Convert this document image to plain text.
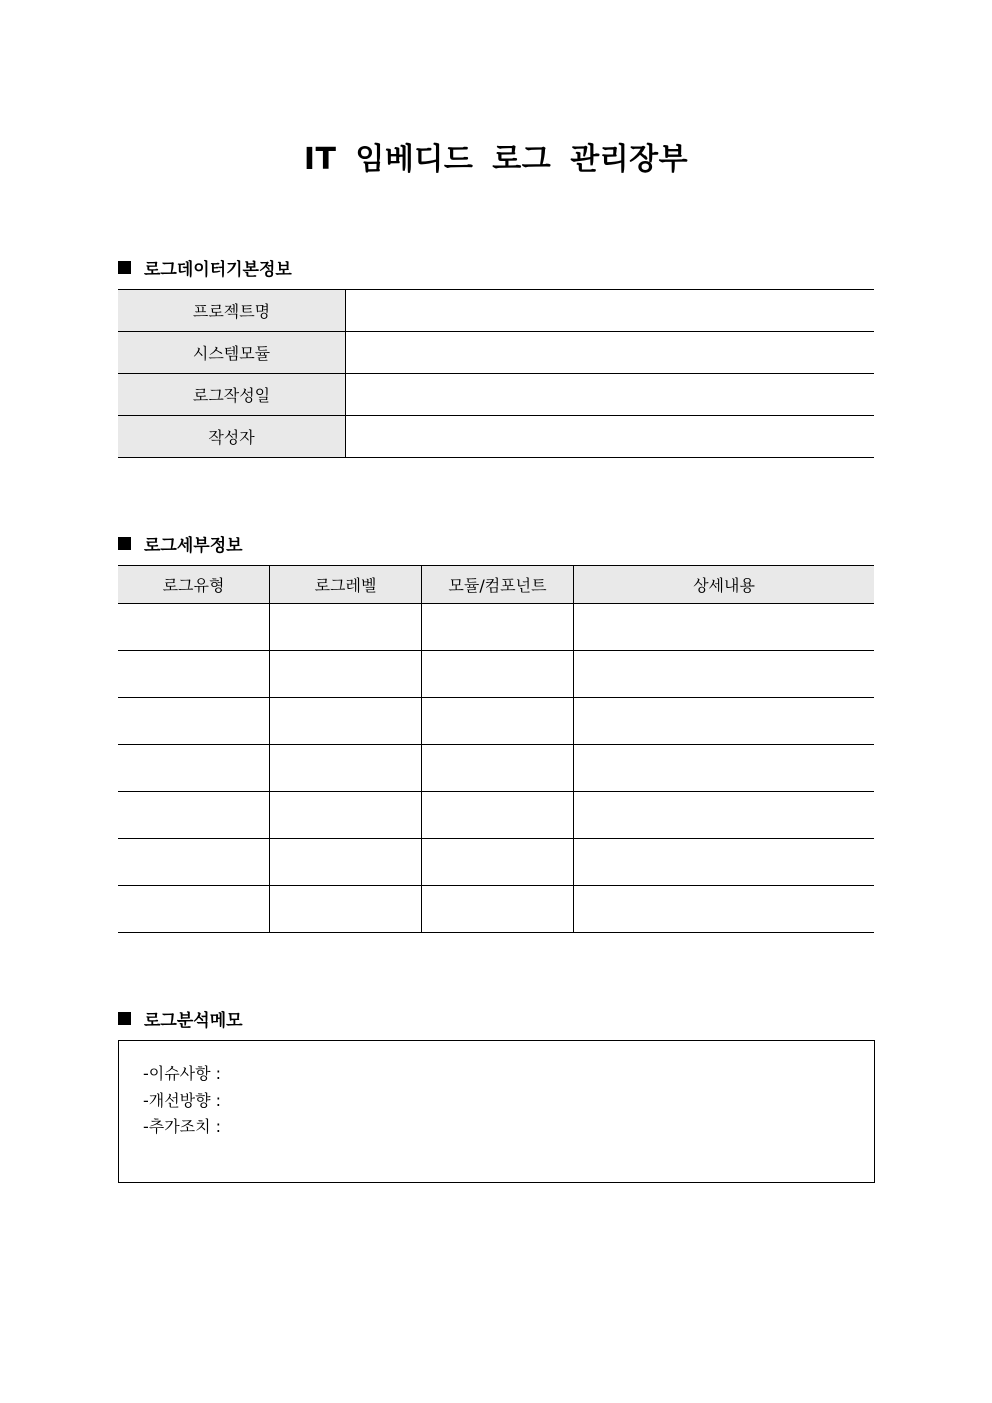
IT 임베디드 로그 관리장부
로그데이터기본정보
프로젝트명	
시스템모듈	
로그작성일	
작성자	
로그세부정보
로그유형	로그레벨	모듈/컴포넌트	상세내용

로그분석메모
-이슈사항 :
-개선방향 :
-추가조치 :
